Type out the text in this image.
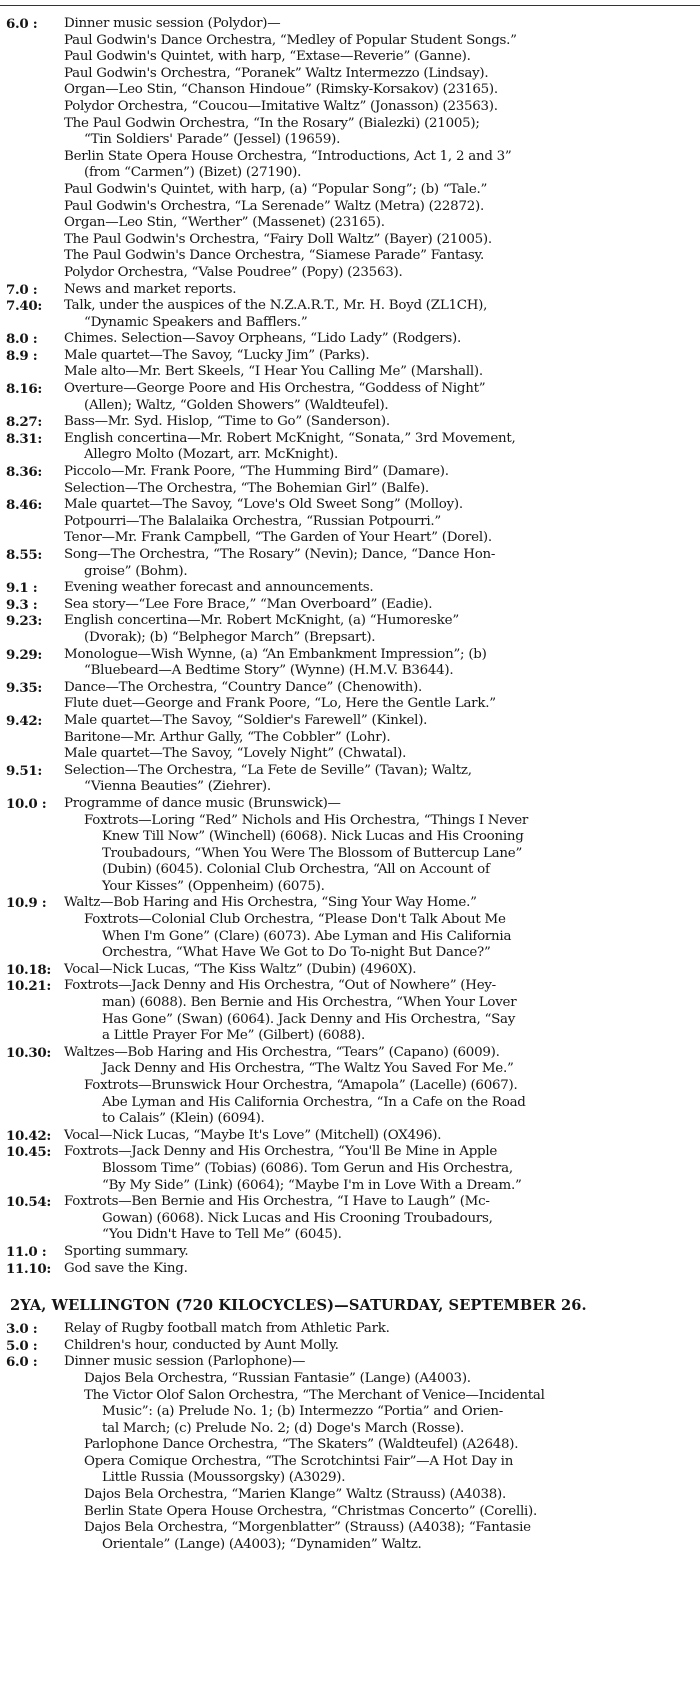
6.0 :	Dinner music session (Polydor)—
Paul Godwin's Dance Orchestra, “Medley of Popular Student Songs.”
Paul Godwin's Quintet, with harp, “Extase—Reverie” (Ganne).
Paul Godwin's Orchestra, “Poranek” Waltz Intermezzo (Lindsay).
Organ—Leo Stin, “Chanson Hindoue” (Rimsky-Korsakov) (23165).
Polydor Orchestra, “Coucou—Imitative Waltz” (Jonasson) (23563).
The Paul Godwin Orchestra, “In the Rosary” (Bialezki) (21005);
“Tin Soldiers' Parade” (Jessel) (19659).
Berlin State Opera House Orchestra, “Introductions, Act 1, 2 and 3”
(from “Carmen”) (Bizet) (27190).
Paul Godwin's Quintet, with harp, (a) “Popular Song”; (b) “Tale.”
Paul Godwin's Orchestra, “La Serenade” Waltz (Metra) (22872).
Organ—Leo Stin, “Werther” (Massenet) (23165).
The Paul Godwin's Orchestra, “Fairy Doll Waltz” (Bayer) (21005).
The Paul Godwin's Dance Orchestra, “Siamese Parade” Fantasy.
Polydor Orchestra, “Valse Poudree” (Popy) (23563).
7.0 :	News and market reports.
7.40:	Talk, under the auspices of the N.Z.A.R.T., Mr. H. Boyd (ZL1CH),
“Dynamic Speakers and Bafflers.”
8.0 :	Chimes. Selection—Savoy Orpheans, “Lido Lady” (Rodgers).
8.9 :	Male quartet—The Savoy, “Lucky Jim” (Parks).
Male alto—Mr. Bert Skeels, “I Hear You Calling Me” (Marshall).
8.16:	Overture—George Poore and His Orchestra, “Goddess of Night”
(Allen); Waltz, “Golden Showers” (Waldteufel).
8.27:	Bass—Mr. Syd. Hislop, “Time to Go” (Sanderson).
8.31:	English concertina—Mr. Robert McKnight, “Sonata,” 3rd Movement,
Allegro Molto (Mozart, arr. McKnight).
8.36:	Piccolo—Mr. Frank Poore, “The Humming Bird” (Damare).
Selection—The Orchestra, “The Bohemian Girl” (Balfe).
8.46:	Male quartet—The Savoy, “Love's Old Sweet Song” (Molloy).
Potpourri—The Balalaika Orchestra, “Russian Potpourri.”
Tenor—Mr. Frank Campbell, “The Garden of Your Heart” (Dorel).
8.55:	Song—The Orchestra, “The Rosary” (Nevin); Dance, “Dance Hon-
groise” (Bohm).
9.1 :	Evening weather forecast and announcements.
9.3 :	Sea story—“Lee Fore Brace,” “Man Overboard” (Eadie).
9.23:	English concertina—Mr. Robert McKnight, (a) “Humoreske”
(Dvorak); (b) “Belphegor March” (Brepsart).
9.29:	Monologue—Wish Wynne, (a) “An Embankment Impression”; (b)
“Bluebeard—A Bedtime Story” (Wynne) (H.M.V. B3644).
9.35:	Dance—The Orchestra, “Country Dance” (Chenowith).
Flute duet—George and Frank Poore, “Lo, Here the Gentle Lark.”
9.42:	Male quartet—The Savoy, “Soldier's Farewell” (Kinkel).
Baritone—Mr. Arthur Gally, “The Cobbler” (Lohr).
Male quartet—The Savoy, “Lovely Night” (Chwatal).
9.51:	Selection—The Orchestra, “La Fete de Seville” (Tavan); Waltz,
“Vienna Beauties” (Ziehrer).
10.0 :	Programme of dance music (Brunswick)—
Foxtrots—Loring “Red” Nichols and His Orchestra, “Things I Never
Knew Till Now” (Winchell) (6068). Nick Lucas and His Crooning
Troubadours, “When You Were The Blossom of Buttercup Lane”
(Dubin) (6045). Colonial Club Orchestra, “All on Account of
Your Kisses” (Oppenheim) (6075).
10.9 :	Waltz—Bob Haring and His Orchestra, “Sing Your Way Home.”
Foxtrots—Colonial Club Orchestra, “Please Don't Talk About Me
When I'm Gone” (Clare) (6073). Abe Lyman and His California
Orchestra, “What Have We Got to Do To-night But Dance?”
10.18: Vocal—Nick Lucas, “The Kiss Waltz” (Dubin) (4960X).
10.21: Foxtrots—Jack Denny and His Orchestra, “Out of Nowhere” (Hey-
man) (6088). Ben Bernie and His Orchestra, “When Your Lover
Has Gone” (Swan) (6064). Jack Denny and His Orchestra, “Say
a Little Prayer For Me” (Gilbert) (6088).
10.30: Waltzes—Bob Haring and His Orchestra, “Tears” (Capano) (6009).
Jack Denny and His Orchestra, “The Waltz You Saved For Me.”
Foxtrots—Brunswick Hour Orchestra, “Amapola” (Lacelle) (6067).
Abe Lyman and His California Orchestra, “In a Cafe on the Road
to Calais” (Klein) (6094).
10.42: Vocal—Nick Lucas, “Maybe It's Love” (Mitchell) (OX496).
10.45: Foxtrots—Jack Denny and His Orchestra, “You'll Be Mine in Apple
Blossom Time” (Tobias) (6086). Tom Gerun and His Orchestra,
“By My Side” (Link) (6064); “Maybe I'm in Love With a Dream.”
10.54: Foxtrots—Ben Bernie and His Orchestra, “I Have to Laugh” (Mc-
Gowan) (6068). Nick Lucas and His Crooning Troubadours,
“You Didn't Have to Tell Me” (6045).
11.0 :	Sporting summary.
11.10: God save the King.
2YA, WELLINGTON (720 KILOCYCLES)—SATURDAY, SEPTEMBER 26.
3.0 :	Relay of Rugby football match from Athletic Park.
5.0 :	Children's hour, conducted by Aunt Molly.
6.0 :	Dinner music session (Parlophone)—
Dajos Bela Orchestra, “Russian Fantasie” (Lange) (A4003).
The Victor Olof Salon Orchestra, “The Merchant of Venice—Incidental
Music”: (a) Prelude No. 1; (b) Intermezzo “Portia” and Orien-
tal March; (c) Prelude No. 2; (d) Doge's March (Rosse).
Parlophone Dance Orchestra, “The Skaters” (Waldteufel) (A2648).
Opera Comique Orchestra, “The Scrotchintsi Fair”—A Hot Day in
Little Russia (Moussorgsky) (A3029).
Dajos Bela Orchestra, “Marien Klange” Waltz (Strauss) (A4038).
Berlin State Opera House Orchestra, “Christmas Concerto” (Corelli).
Dajos Bela Orchestra, “Morgenblatter” (Strauss) (A4038); “Fantasie
Orientale” (Lange) (A4003); “Dynamiden” Waltz.
